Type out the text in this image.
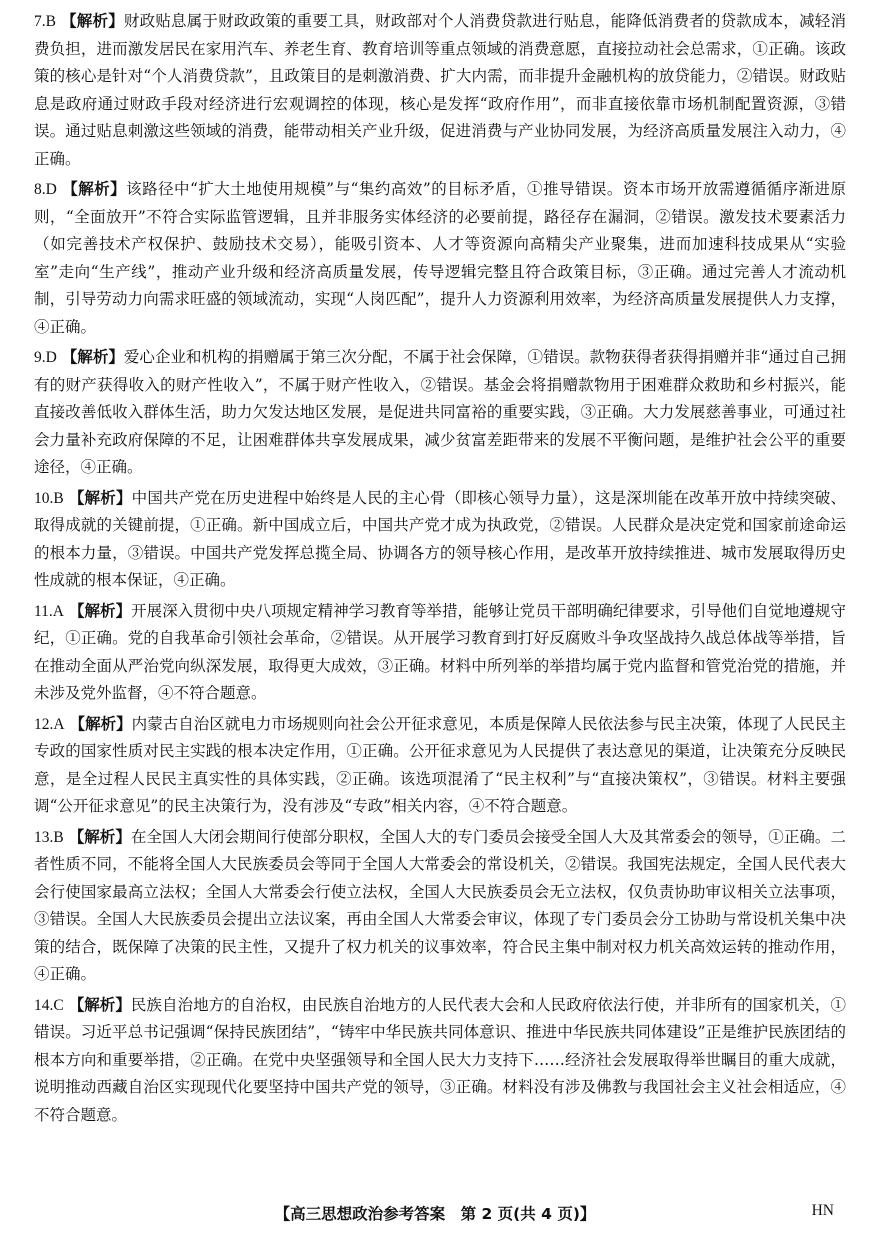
7.B 【解析】财政贴息属于财政政策的重要工具，财政部对个人消费贷款进行贴息，能降低消费者的贷款成本，减轻消费负担，进而激发居民在家用汽车、养老生育、教育培训等重点领域的消费意愿，直接拉动社会总需求，①正确。该政策的核心是针对“个人消费贷款”，且政策目的是刺激消费、扩大内需，而非提升金融机构的放贷能力，②错误。财政贴息是政府通过财政手段对经济进行宏观调控的体现，核心是发挥“政府作用”，而非直接依靠市场机制配置资源，③错误。通过贴息刺激这些领域的消费，能带动相关产业升级，促进消费与产业协同发展，为经济高质量发展注入动力，④正确。

8.D 【解析】该路径中“扩大土地使用规模”与“集约高效”的目标矛盾，①推导错误。资本市场开放需遵循循序渐进原则，“全面放开”不符合实际监管逻辑，且并非服务实体经济的必要前提，路径存在漏洞，②错误。激发技术要素活力（如完善技术产权保护、鼓励技术交易），能吸引资本、人才等资源向高精尖产业聚集，进而加速科技成果从“实验室”走向“生产线”，推动产业升级和经济高质量发展，传导逻辑完整且符合政策目标，③正确。通过完善人才流动机制，引导劳动力向需求旺盛的领域流动，实现“人岗匹配”，提升人力资源利用效率，为经济高质量发展提供人力支撑，④正确。

9.D 【解析】爱心企业和机构的捐赠属于第三次分配，不属于社会保障，①错误。款物获得者获得捐赠并非“通过自己拥有的财产获得收入的财产性收入”，不属于财产性收入，②错误。基金会将捐赠款物用于困难群众救助和乡村振兴，能直接改善低收入群体生活，助力欠发达地区发展，是促进共同富裕的重要实践，③正确。大力发展慈善事业，可通过社会力量补充政府保障的不足，让困难群体共享发展成果，减少贫富差距带来的发展不平衡问题，是维护社会公平的重要途径，④正确。

10.B 【解析】中国共产党在历史进程中始终是人民的主心骨（即核心领导力量），这是深圳能在改革开放中持续突破、取得成就的关键前提，①正确。新中国成立后，中国共产党才成为执政党，②错误。人民群众是决定党和国家前途命运的根本力量，③错误。中国共产党发挥总揽全局、协调各方的领导核心作用，是改革开放持续推进、城市发展取得历史性成就的根本保证，④正确。

11.A 【解析】开展深入贯彻中央八项规定精神学习教育等举措，能够让党员干部明确纪律要求，引导他们自觉地遵规守纪，①正确。党的自我革命引领社会革命，②错误。从开展学习教育到打好反腐败斗争攻坚战持久战总体战等举措，旨在推动全面从严治党向纵深发展，取得更大成效，③正确。材料中所列举的举措均属于党内监督和管党治党的措施，并未涉及党外监督，④不符合题意。

12.A 【解析】内蒙古自治区就电力市场规则向社会公开征求意见，本质是保障人民依法参与民主决策，体现了人民民主专政的国家性质对民主实践的根本决定作用，①正确。公开征求意见为人民提供了表达意见的渠道，让决策充分反映民意，是全过程人民民主真实性的具体实践，②正确。该选项混淆了“民主权利”与“直接决策权”，③错误。材料主要强调“公开征求意见”的民主决策行为，没有涉及“专政”相关内容，④不符合题意。

13.B 【解析】在全国人大闭会期间行使部分职权，全国人大的专门委员会接受全国人大及其常委会的领导，①正确。二者性质不同，不能将全国人大民族委员会等同于全国人大常委会的常设机关，②错误。我国宪法规定，全国人民代表大会行使国家最高立法权；全国人大常委会行使立法权，全国人大民族委员会无立法权，仅负责协助审议相关立法事项，③错误。全国人大民族委员会提出立法议案，再由全国人大常委会审议，体现了专门委员会分工协助与常设机关集中决策的结合，既保障了决策的民主性，又提升了权力机关的议事效率，符合民主集中制对权力机关高效运转的推动作用，④正确。

14.C 【解析】民族自治地方的自治权，由民族自治地方的人民代表大会和人民政府依法行使，并非所有的国家机关，①错误。习近平总书记强调“保持民族团结”，“铸牢中华民族共同体意识、推进中华民族共同体建设”正是维护民族团结的根本方向和重要举措，②正确。在党中央坚强领导和全国人民大力支持下……经济社会发展取得举世瞩目的重大成就，说明推动西藏自治区实现现代化要坚持中国共产党的领导，③正确。材料没有涉及佛教与我国社会主义社会相适应，④不符合题意。

【高三思想政治参考答案　第 2 页(共 4 页)】	HN
